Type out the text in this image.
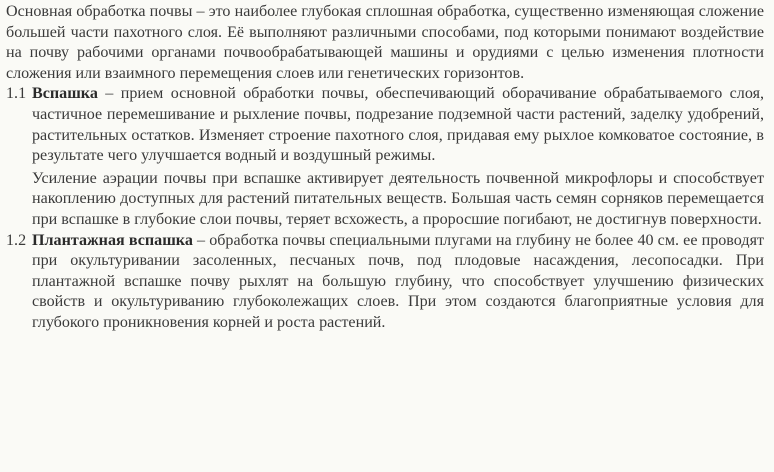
Основная обработка почвы – это наиболее глубокая сплошная обработка, существенно изменяющая сложение большей части пахотного слоя. Её выполняют различными способами, под которыми понимают воздействие на почву рабочими органами почвообрабатывающей машины и орудиями с целью изменения плотности сложения или взаимного перемещения слоев или генетических горизонтов.

1.1 Вспашка – прием основной обработки почвы, обеспечивающий оборачивание обрабатываемого слоя, частичное перемешивание и рыхление почвы, подрезание подземной части растений, заделку удобрений, растительных остатков. Изменяет строение пахотного слоя, придавая ему рыхлое комковатое состояние, в результате чего улучшается водный и воздушный режимы.

Усиление аэрации почвы при вспашке активирует деятельность почвенной микрофлоры и способствует накоплению доступных для растений питательных веществ. Большая часть семян сорняков перемещается при вспашке в глубокие слои почвы, теряет всхожесть, а проросшие погибают, не достигнув поверхности.

1.2 Плантажная вспашка – обработка почвы специальными плугами на глубину не более 40 см. ее проводят при окультуривании засоленных, песчаных почв, под плодовые насаждения, лесопосадки. При плантажной вспашке почву рыхлят на большую глубину, что способствует улучшению физических свойств и окультуриванию глубоколежащих слоев. При этом создаются благоприятные условия для глубокого проникновения корней и роста растений.
